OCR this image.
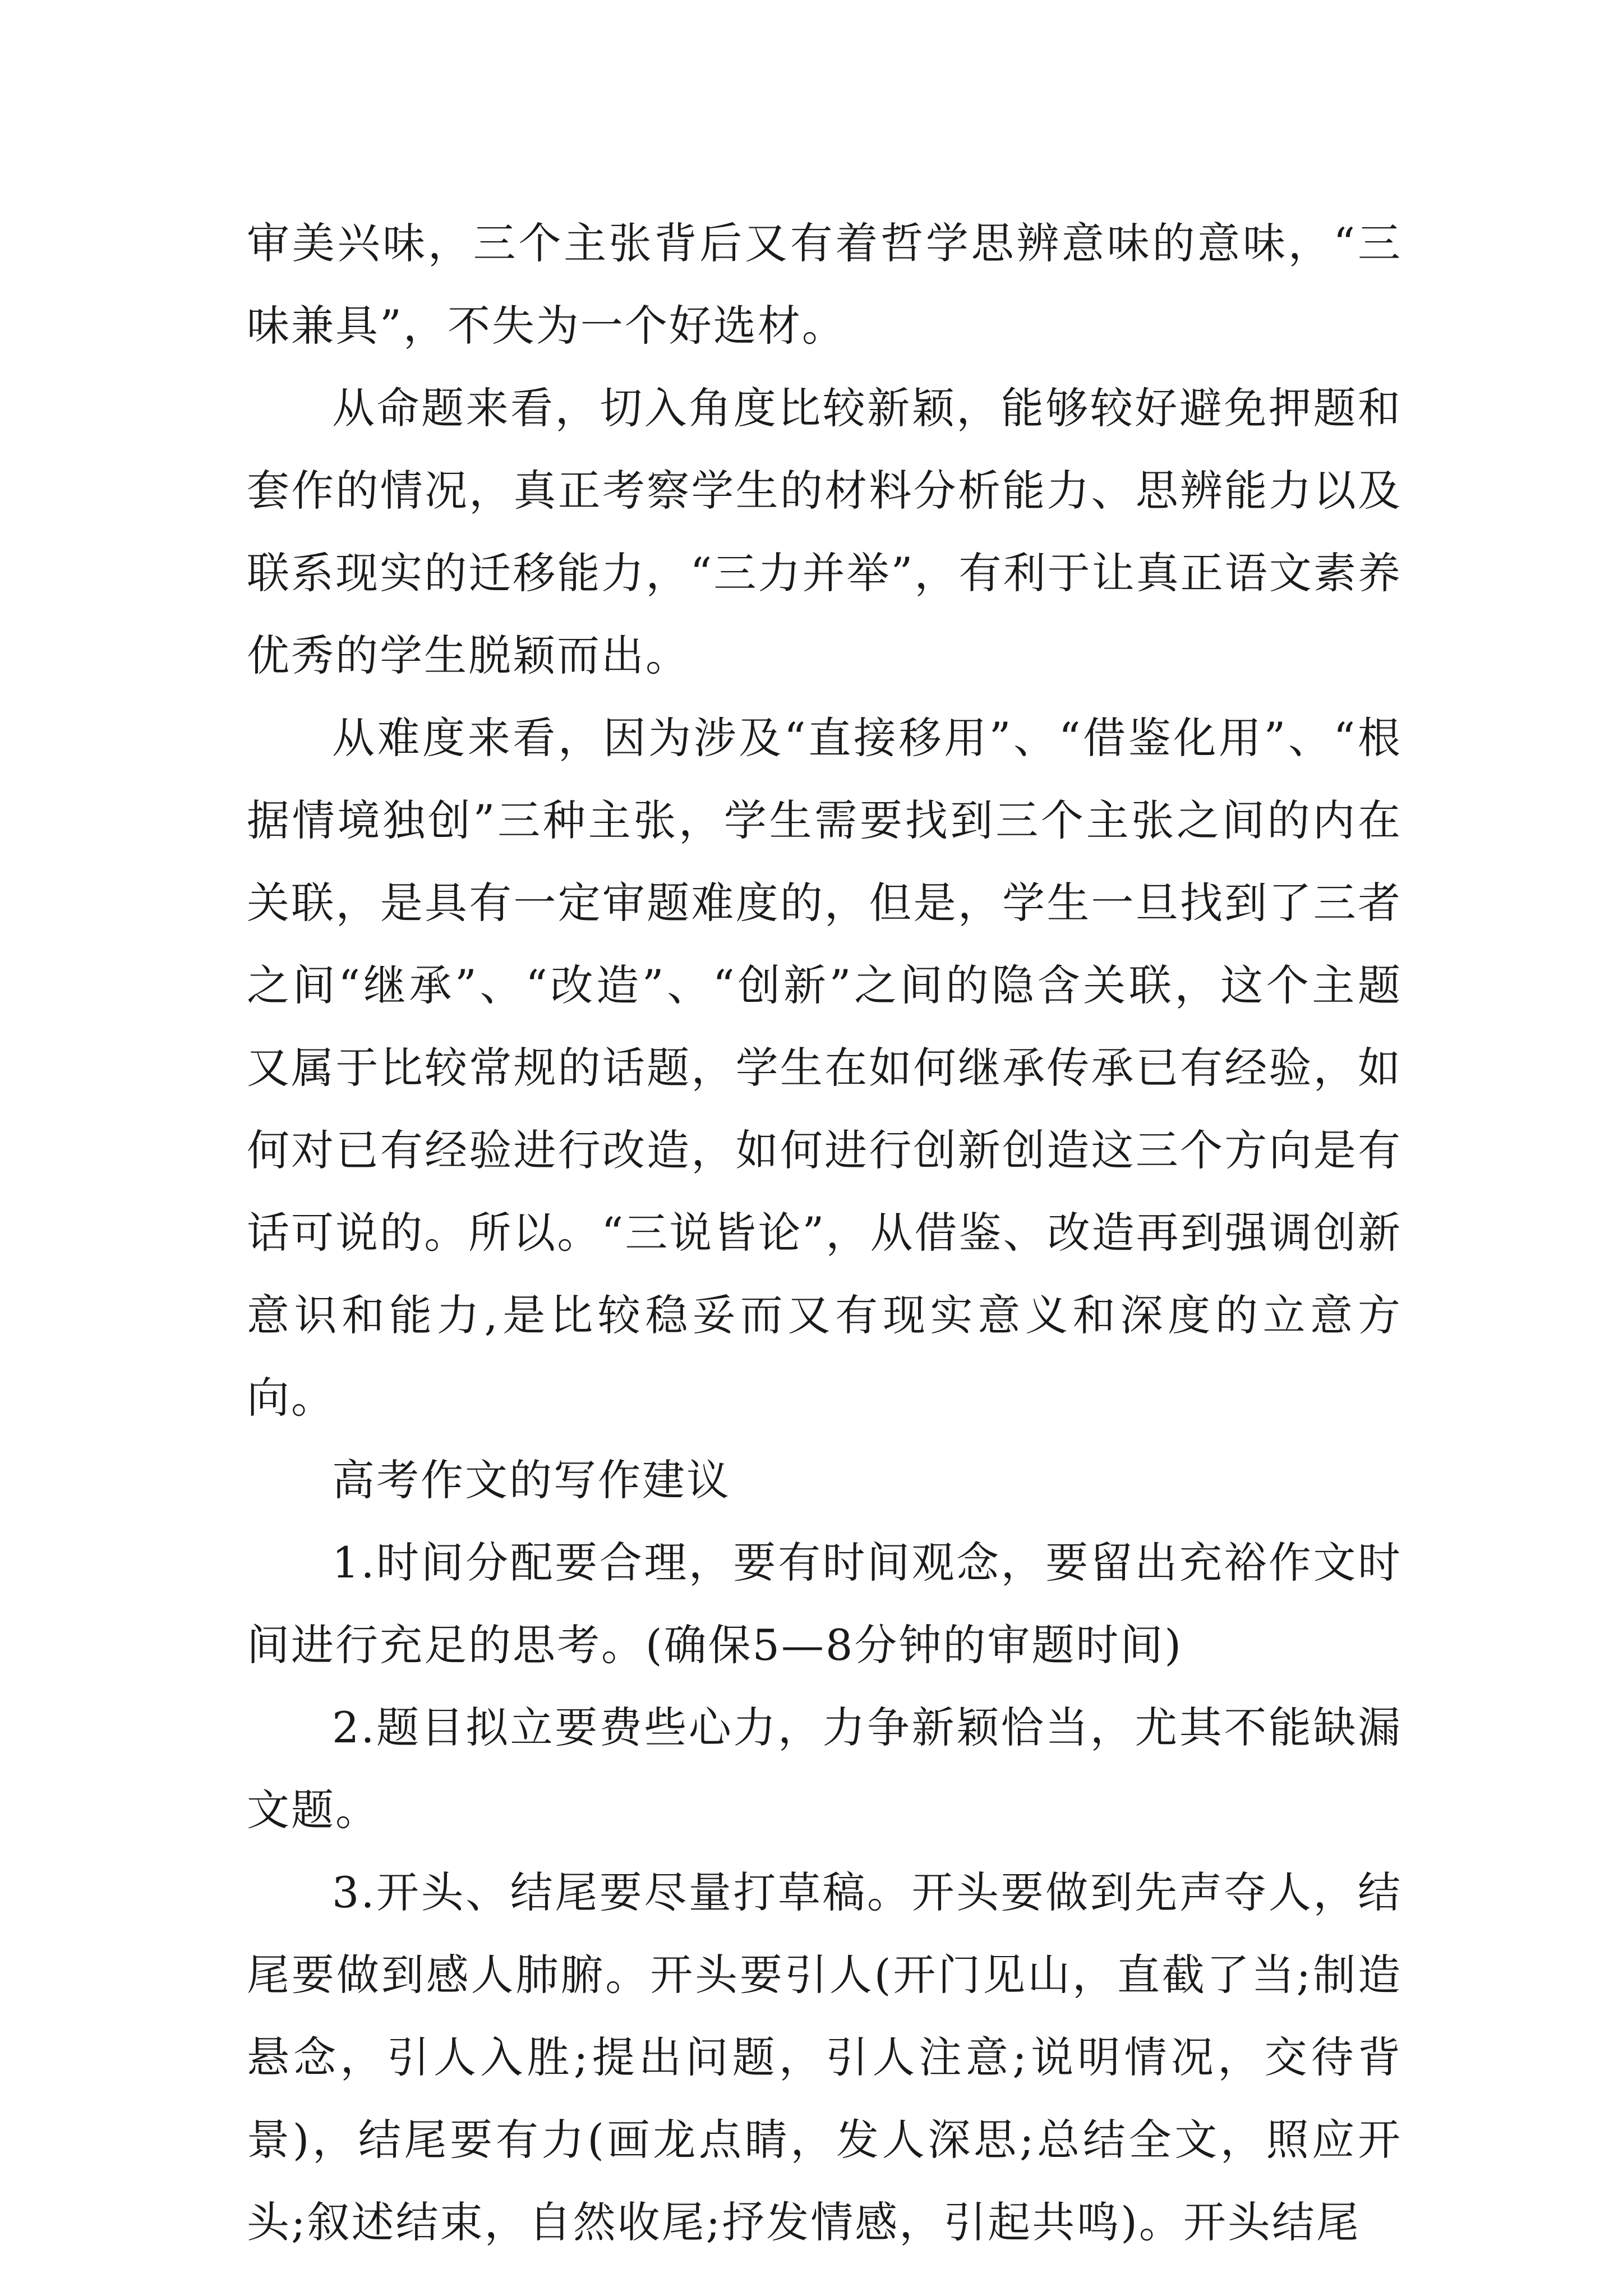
审美兴味，三个主张背后又有着哲学思辨意味的意味，“三味兼具”，不失为一个好选材。

从命题来看，切入角度比较新颖，能够较好避免押题和套作的情况，真正考察学生的材料分析能力、思辨能力以及联系现实的迁移能力，“三力并举”，有利于让真正语文素养优秀的学生脱颖而出。

从难度来看，因为涉及“直接移用”、“借鉴化用”、“根据情境独创”三种主张，学生需要找到三个主张之间的内在关联，是具有一定审题难度的，但是，学生一旦找到了三者之间“继承”、“改造”、“创新”之间的隐含关联，这个主题又属于比较常规的话题，学生在如何继承传承已有经验，如何对已有经验进行改造，如何进行创新创造这三个方向是有话可说的。所以。“三说皆论”，从借鉴、改造再到强调创新意识和能力,是比较稳妥而又有现实意义和深度的立意方向。

高考作文的写作建议

1.时间分配要合理，要有时间观念，要留出充裕作文时间进行充足的思考。(确保5—8分钟的审题时间)

2.题目拟立要费些心力，力争新颖恰当，尤其不能缺漏文题。

3.开头、结尾要尽量打草稿。开头要做到先声夺人，结尾要做到感人肺腑。开头要引人(开门见山，直截了当;制造悬念，引人入胜;提出问题，引人注意;说明情况，交待背景)，结尾要有力(画龙点睛，发人深思;总结全文，照应开头;叙述结束，自然收尾;抒发情感，引起共鸣)。开头结尾
